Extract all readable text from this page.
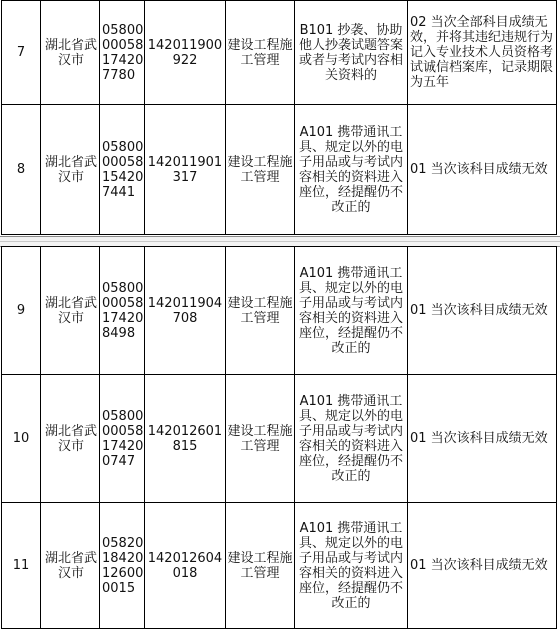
7	湖北省武汉市	0580000058174207780	142011900922	建设工程施工管理	B101 抄袭、协助他人抄袭试题答案或者与考试内容相关资料的	02 当次全部科目成绩无效，并将其违纪违规行为记入专业技术人员资格考试诚信档案库，记录期限为五年
8	湖北省武汉市	0580000058154207441	142011901317	建设工程施工管理	A101 携带通讯工具、规定以外的电子用品或与考试内容相关的资料进入座位，经提醒仍不改正的	01 当次该科目成绩无效
9	湖北省武汉市	0580000058174208498	142011904708	建设工程施工管理	A101 携带通讯工具、规定以外的电子用品或与考试内容相关的资料进入座位，经提醒仍不改正的	01 当次该科目成绩无效
10	湖北省武汉市	0580000058174200747	142012601815	建设工程施工管理	A101 携带通讯工具、规定以外的电子用品或与考试内容相关的资料进入座位，经提醒仍不改正的	01 当次该科目成绩无效
11	湖北省武汉市	0582018420126000015	142012604018	建设工程施工管理	A101 携带通讯工具、规定以外的电子用品或与考试内容相关的资料进入座位，经提醒仍不改正的	01 当次该科目成绩无效
